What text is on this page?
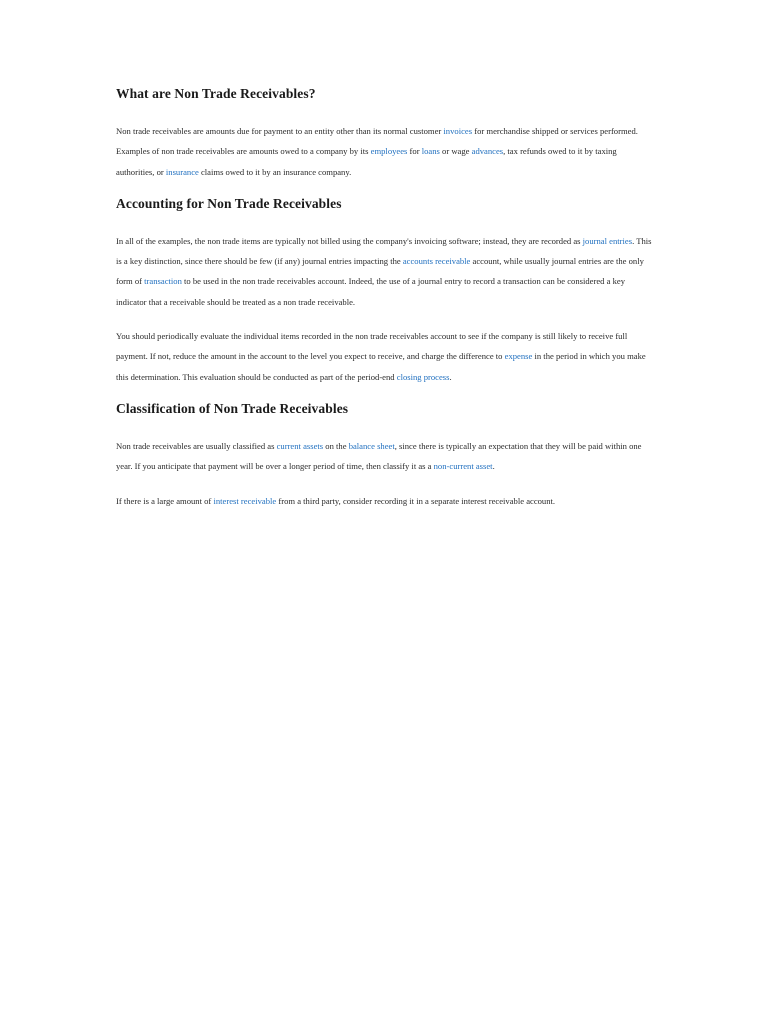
What are Non Trade Receivables?

Non trade receivables are amounts due for payment to an entity other than its normal customer invoices for merchandise shipped or services performed. Examples of non trade receivables are amounts owed to a company by its employees for loans or wage advances, tax refunds owed to it by taxing authorities, or insurance claims owed to it by an insurance company.

Accounting for Non Trade Receivables

In all of the examples, the non trade items are typically not billed using the company's invoicing software; instead, they are recorded as journal entries. This is a key distinction, since there should be few (if any) journal entries impacting the accounts receivable account, while usually journal entries are the only form of transaction to be used in the non trade receivables account. Indeed, the use of a journal entry to record a transaction can be considered a key indicator that a receivable should be treated as a non trade receivable.

You should periodically evaluate the individual items recorded in the non trade receivables account to see if the company is still likely to receive full payment. If not, reduce the amount in the account to the level you expect to receive, and charge the difference to expense in the period in which you make this determination. This evaluation should be conducted as part of the period-end closing process.

Classification of Non Trade Receivables

Non trade receivables are usually classified as current assets on the balance sheet, since there is typically an expectation that they will be paid within one year. If you anticipate that payment will be over a longer period of time, then classify it as a non-current asset.

If there is a large amount of interest receivable from a third party, consider recording it in a separate interest receivable account.
